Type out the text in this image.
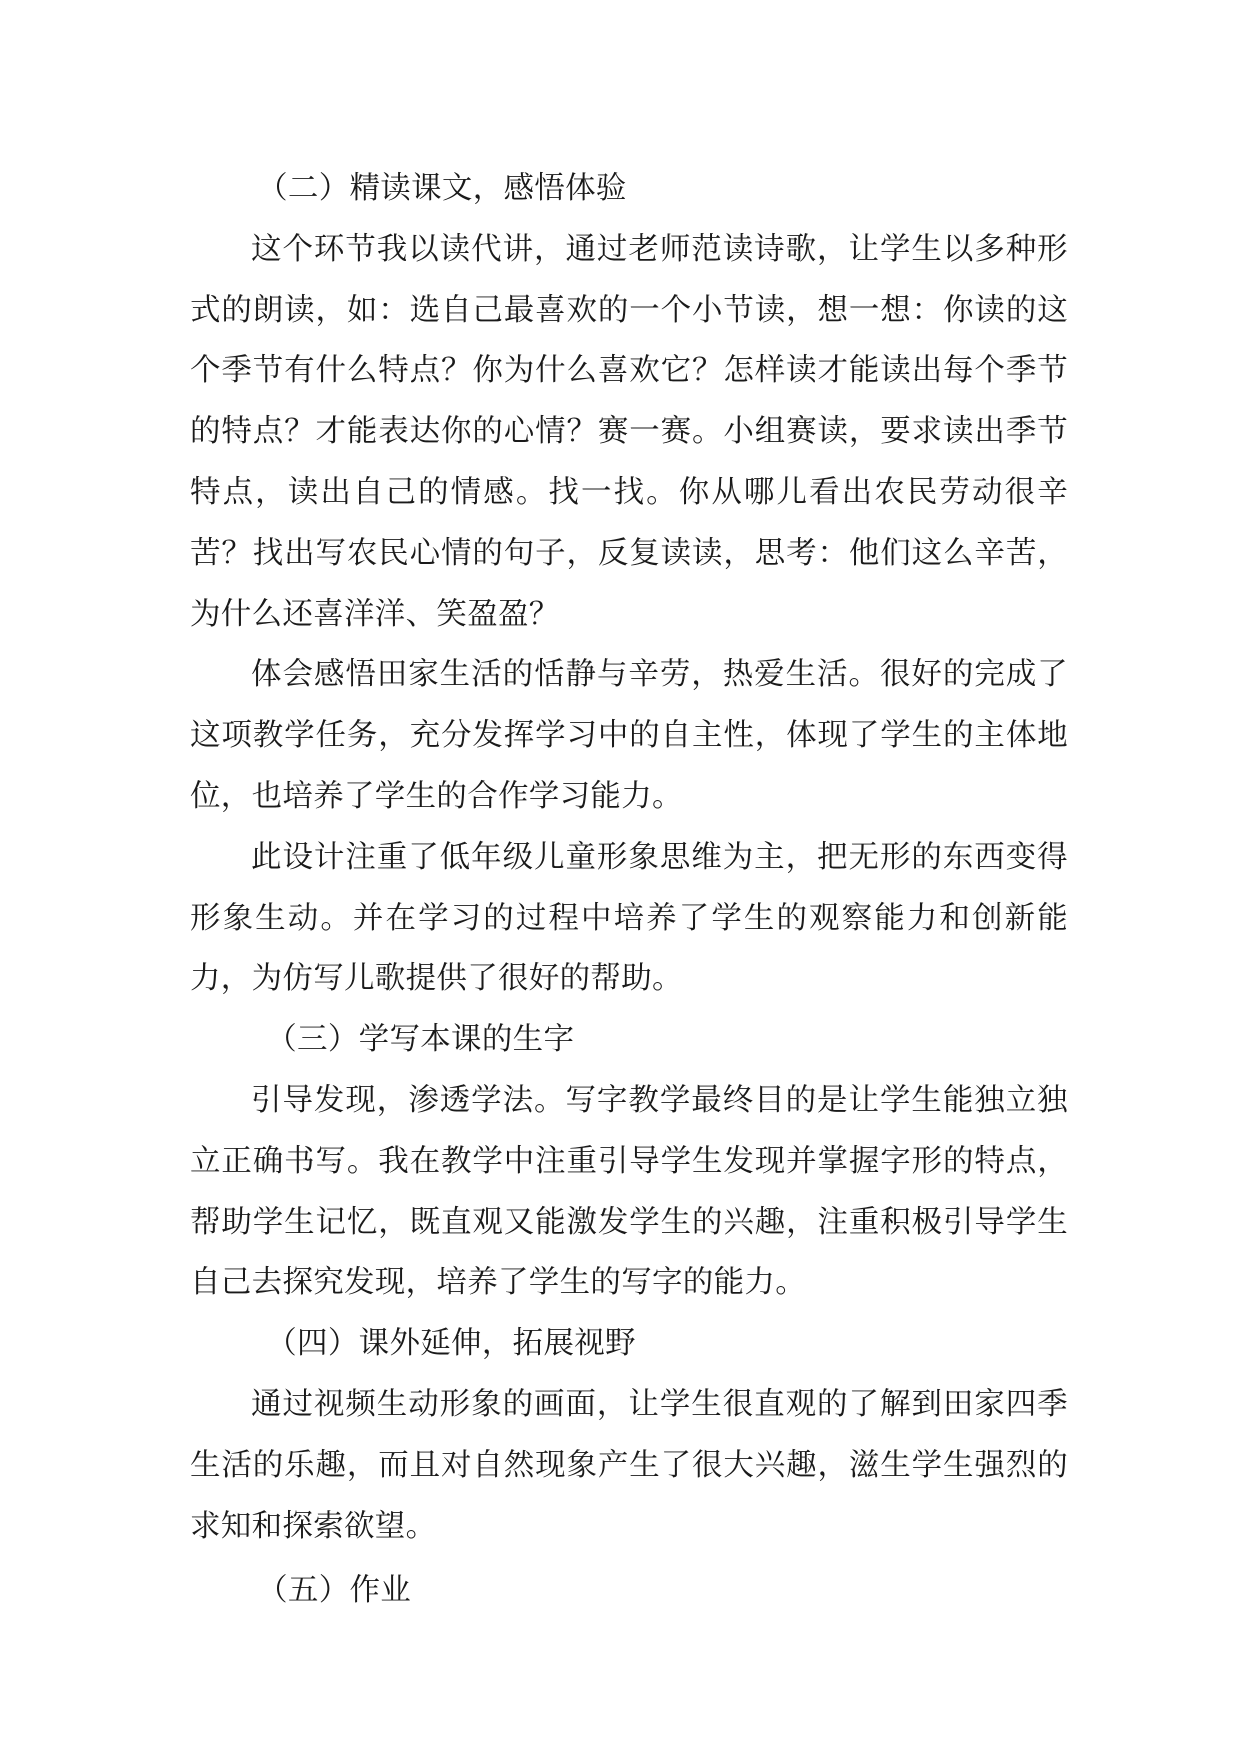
（二）精读课文，感悟体验

这个环节我以读代讲，通过老师范读诗歌，让学生以多种形式的朗读，如：选自己最喜欢的一个小节读，想一想：你读的这个季节有什么特点？你为什么喜欢它？怎样读才能读出每个季节的特点？才能表达你的心情？赛一赛。小组赛读，要求读出季节特点，读出自己的情感。找一找。你从哪儿看出农民劳动很辛苦？找出写农民心情的句子，反复读读，思考：他们这么辛苦，为什么还喜洋洋、笑盈盈？

体会感悟田家生活的恬静与辛劳，热爱生活。很好的完成了这项教学任务，充分发挥学习中的自主性，体现了学生的主体地位，也培养了学生的合作学习能力。

此设计注重了低年级儿童形象思维为主，把无形的东西变得形象生动。并在学习的过程中培养了学生的观察能力和创新能力，为仿写儿歌提供了很好的帮助。

（三）学写本课的生字

引导发现，渗透学法。写字教学最终目的是让学生能独立独立正确书写。我在教学中注重引导学生发现并掌握字形的特点，帮助学生记忆，既直观又能激发学生的兴趣，注重积极引导学生自己去探究发现，培养了学生的写字的能力。

（四）课外延伸，拓展视野

通过视频生动形象的画面，让学生很直观的了解到田家四季生活的乐趣，而且对自然现象产生了很大兴趣，滋生学生强烈的求知和探索欲望。

（五）作业
